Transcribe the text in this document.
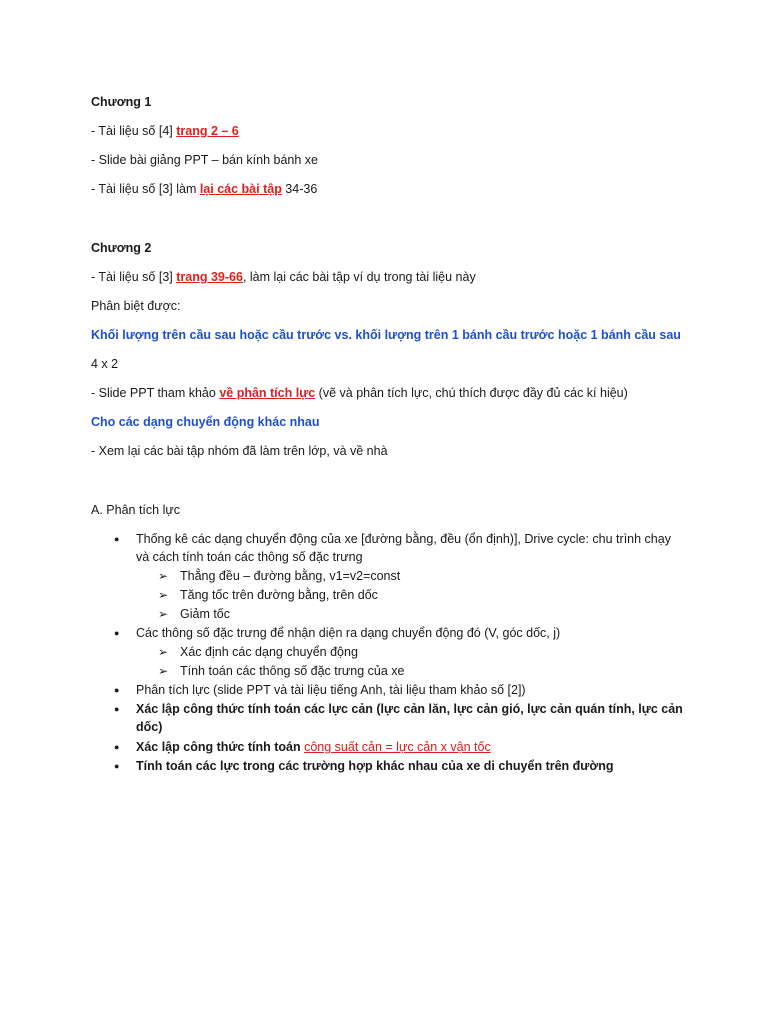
Chương 1
- Tài liệu số [4] trang 2 – 6
- Slide bài giảng PPT – bán kính bánh xe
- Tài liệu số [3] làm lại các bài tập 34-36
Chương 2
- Tài liệu số [3] trang 39-66, làm lại các bài tập ví dụ trong tài liệu này
Phân biệt được:
Khối lượng trên cầu sau hoặc cầu trước vs. khối lượng trên 1 bánh cầu trước hoặc 1 bánh cầu sau
4 x 2
- Slide PPT tham khảo về phân tích lực (vẽ và phân tích lực, chú thích được đầy đủ các kí hiệu)
Cho các dạng chuyển động khác nhau
- Xem lại các bài tập nhóm đã làm trên lớp, và về nhà
A. Phân tích lực
● Thống kê các dạng chuyển động của xe [đường bằng, đều (ổn định)], Drive cycle: chu trình chạy
và cách tính toán các thông số đặc trưng
➢ Thẳng đều – đường bằng, v1=v2=const
➢ Tăng tốc trên đường bằng, trên dốc
➢ Giảm tốc
● Các thông số đặc trưng để nhận diện ra dạng chuyển động đó (V, góc dốc, j)
➢ Xác định các dạng chuyển động
➢ Tính toán các thông số đặc trưng của xe
● Phân tích lực (slide PPT và tài liệu tiếng Anh, tài liệu tham khảo số [2])
● Xác lập công thức tính toán các lực cản (lực cản lăn, lực cản gió, lực cản quán tính, lực cản
dốc)
● Xác lập công thức tính toán công suất cản = lực cản x vận tốc
● Tính toán các lực trong các trường hợp khác nhau của xe di chuyển trên đường
